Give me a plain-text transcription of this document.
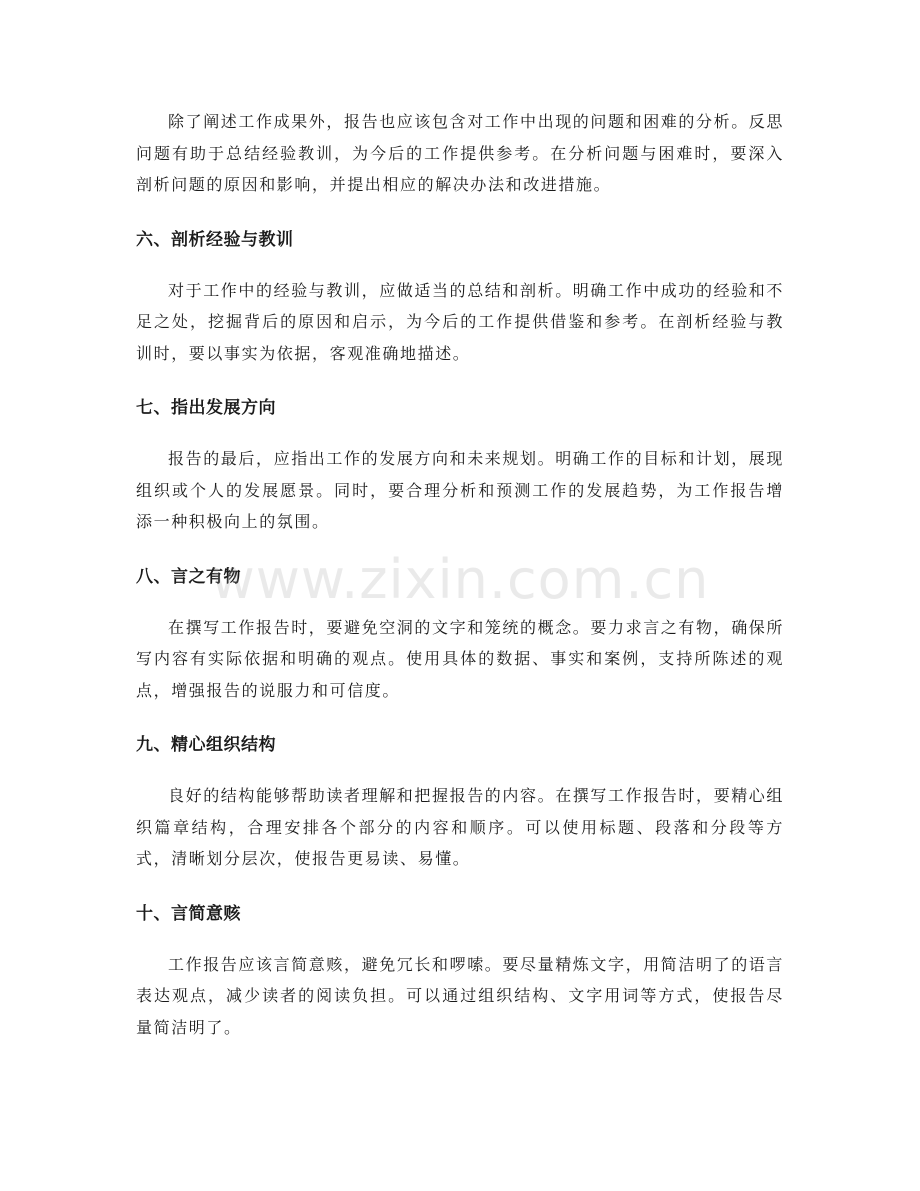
除了阐述工作成果外，报告也应该包含对工作中出现的问题和困难的分析。反思问题有助于总结经验教训，为今后的工作提供参考。在分析问题与困难时，要深入剖析问题的原因和影响，并提出相应的解决办法和改进措施。

六、剖析经验与教训

对于工作中的经验与教训，应做适当的总结和剖析。明确工作中成功的经验和不足之处，挖掘背后的原因和启示，为今后的工作提供借鉴和参考。在剖析经验与教训时，要以事实为依据，客观准确地描述。

七、指出发展方向

报告的最后，应指出工作的发展方向和未来规划。明确工作的目标和计划，展现组织或个人的发展愿景。同时，要合理分析和预测工作的发展趋势，为工作报告增添一种积极向上的氛围。

八、言之有物

在撰写工作报告时，要避免空洞的文字和笼统的概念。要力求言之有物，确保所写内容有实际依据和明确的观点。使用具体的数据、事实和案例，支持所陈述的观点，增强报告的说服力和可信度。

九、精心组织结构

良好的结构能够帮助读者理解和把握报告的内容。在撰写工作报告时，要精心组织篇章结构，合理安排各个部分的内容和顺序。可以使用标题、段落和分段等方式，清晰划分层次，使报告更易读、易懂。

十、言简意赅

工作报告应该言简意赅，避免冗长和啰嗦。要尽量精炼文字，用简洁明了的语言表达观点，减少读者的阅读负担。可以通过组织结构、文字用词等方式，使报告尽量简洁明了。

www.zixin.com.cn
